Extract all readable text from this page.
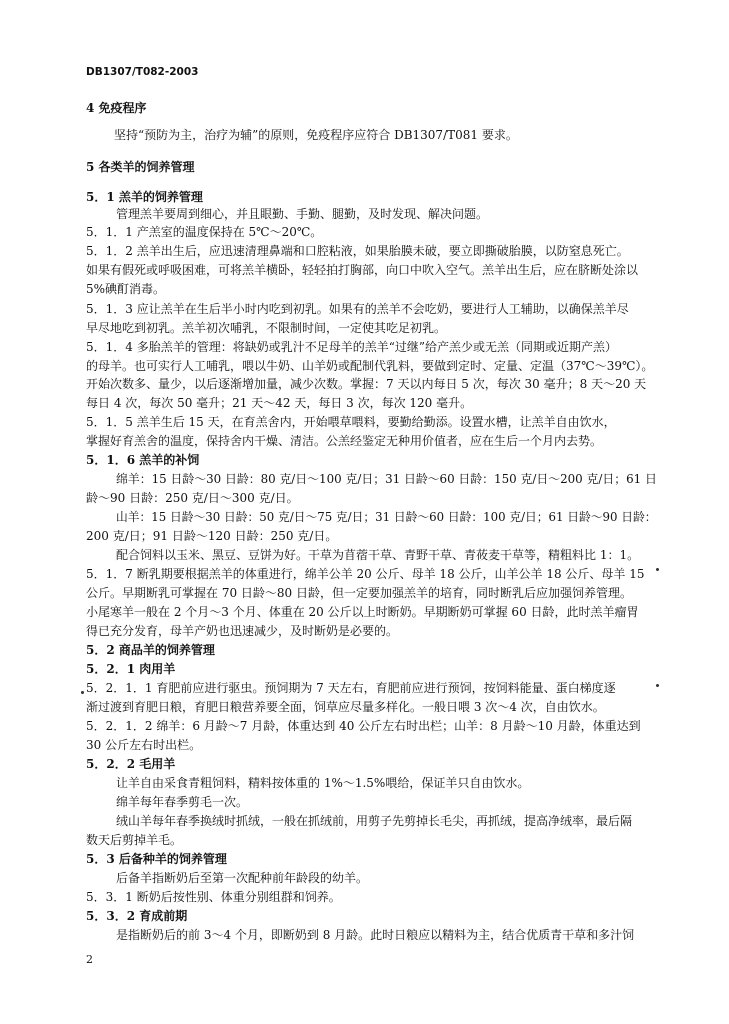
DB1307/T082-2003
4 免疫程序
坚持“预防为主，治疗为辅”的原则，免疫程序应符合 DB1307/T081 要求。
5 各类羊的饲养管理
5．1 羔羊的饲养管理
管理羔羊要周到细心，并且眼勤、手勤、腿勤，及时发现、解决问题。
5．1．1 产羔室的温度保持在 5℃～20℃。
5．1．2 羔羊出生后，应迅速清理鼻端和口腔粘液，如果胎膜未破，要立即撕破胎膜，以防窒息死亡。
如果有假死或呼吸困难，可将羔羊横卧，轻轻拍打胸部，向口中吹入空气。羔羊出生后，应在脐断处涂以
5%碘酊消毒。
5．1．3 应让羔羊在生后半小时内吃到初乳。如果有的羔羊不会吃奶，要进行人工辅助，以确保羔羊尽
早尽地吃到初乳。羔羊初次哺乳，不限制时间，一定使其吃足初乳。
5．1．4 多胎羔羊的管理：将缺奶或乳汁不足母羊的羔羊“过继”给产羔少或无羔（同期或近期产羔）
的母羊。也可实行人工哺乳，喂以牛奶、山羊奶或配制代乳料，要做到定时、定量、定温（37℃～39℃）。
开始次数多、量少，以后逐渐增加量，减少次数。掌握：7 天以内每日 5 次，每次 30 毫升；8 天～20 天
每日 4 次，每次 50 毫升；21 天～42 天，每日 3 次，每次 120 毫升。
5．1．5 羔羊生后 15 天，在育羔舍内，开始喂草喂料，要勤给勤添。设置水槽，让羔羊自由饮水，
掌握好育羔舍的温度，保持舍内干燥、清洁。公羔经鉴定无种用价值者，应在生后一个月内去势。
5．1．6 羔羊的补饲
绵羊：15 日龄～30 日龄：80 克/日～100 克/日；31 日龄～60 日龄：150 克/日～200 克/日；61 日
龄～90 日龄：250 克/日～300 克/日。
山羊：15 日龄～30 日龄：50 克/日～75 克/日；31 日龄～60 日龄：100 克/日；61 日龄～90 日龄：
200 克/日；91 日龄～120 日龄：250 克/日。
配合饲料以玉米、黑豆、豆饼为好。干草为苜蓿干草、青野干草、青莜麦干草等，精粗料比 1：1。
5．1．7 断乳期要根据羔羊的体重进行，绵羊公羊 20 公斤、母羊 18 公斤，山羊公羊 18 公斤、母羊 15
公斤。早期断乳可掌握在 70 日龄～80 日龄，但一定要加强羔羊的培育，同时断乳后应加强饲养管理。
小尾寒羊一般在 2 个月～3 个月、体重在 20 公斤以上时断奶。早期断奶可掌握 60 日龄，此时羔羊瘤胃
得已充分发育，母羊产奶也迅速减少，及时断奶是必要的。
5．2 商品羊的饲养管理
5．2．1 肉用羊
5．2．1．1 育肥前应进行驱虫。预饲期为 7 天左右，育肥前应进行预饲，按饲料能量、蛋白梯度逐
渐过渡到育肥日粮，育肥日粮营养要全面，饲草应尽量多样化。一般日喂 3 次～4 次，自由饮水。
5．2．1．2 绵羊：6 月龄～7 月龄，体重达到 40 公斤左右时出栏；山羊：8 月龄～10 月龄，体重达到
30 公斤左右时出栏。
5．2．2 毛用羊
让羊自由采食青粗饲料，精料按体重的 1%～1.5%喂给，保证羊只自由饮水。
绵羊每年春季剪毛一次。
绒山羊每年春季换绒时抓绒，一般在抓绒前，用剪子先剪掉长毛尖，再抓绒，提高净绒率，最后隔
数天后剪掉羊毛。
5．3 后备种羊的饲养管理
后备羊指断奶后至第一次配种前年龄段的幼羊。
5．3．1 断奶后按性别、体重分别组群和饲养。
5．3．2 育成前期
是指断奶后的前 3～4 个月，即断奶到 8 月龄。此时日粮应以精料为主，结合优质青干草和多汁饲
2
